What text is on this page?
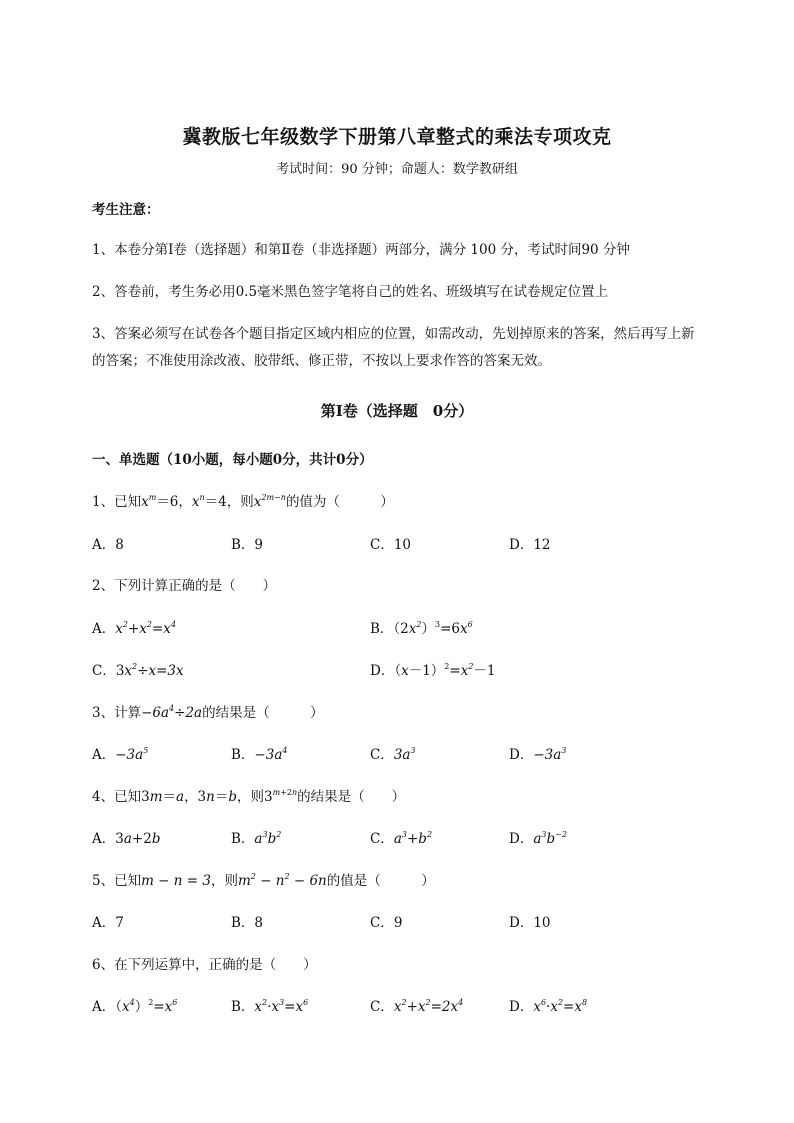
冀教版七年级数学下册第八章整式的乘法专项攻克
考试时间：90 分钟；命题人：数学教研组
考生注意：
1、本卷分第Ⅰ卷（选择题）和第Ⅱ卷（非选择题）两部分，满分 100 分，考试时间90 分钟
2、答卷前，考生务必用0.5毫米黑色签字笔将自己的姓名、班级填写在试卷规定位置上
3、答案必须写在试卷各个题目指定区域内相应的位置，如需改动，先划掉原来的答案，然后再写上新
的答案；不准使用涂改液、胶带纸、修正带，不按以上要求作答的答案无效。
第Ⅰ卷（选择题　0分）
一、单选题（10小题，每小题0分，共计0分）
1、已知$x^m=6$，$x^n=4$，则$x^{2m-n}$的值为（　　　）
A．8	B．9	C．10	D．12
2、下列计算正确的是（　　）
A．$x^2+x^2=x^4$	B．$(2x^2)^3=6x^6$
C．$3x^2\div x=3x$	D．$(x-1)^2=x^2-1$
3、计算$-6a^4\div 2a$的结果是（　　　）
A．$-3a^5$	B．$-3a^4$	C．$3a^3$	D．$-3a^3$
4、已知3m＝a，3n＝b，则$3^{m+2n}$的结果是（　　）
A．3a+2b	B．$a^3b^2$	C．$a^3+b^2$	D．$a^3b^{-2}$
5、已知m − n = 3，则$m^2 - n^2 - 6n$的值是（　　　）
A．7	B．8	C．9	D．10
6、在下列运算中，正确的是（　　）
A．$(x^4)^2=x^6$	B．$x^2\cdot x^3=x^6$	C．$x^2+x^2=2x^4$	D．$x^6\cdot x^2=x^8$
